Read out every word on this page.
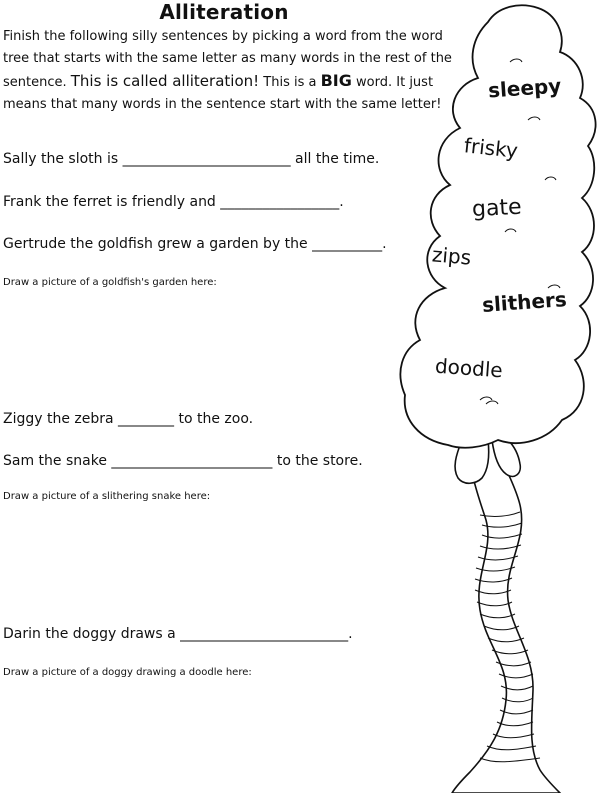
Alliteration
Finish the following silly sentences by picking a word from the word tree that starts with the same letter as many words in the rest of the sentence. This is called alliteration! This is a BIG word. It just means that many words in the sentence start with the same letter!
Sally the sloth is ________________________ all the time.
Frank the ferret is friendly and _________________.
Gertrude the goldfish grew a garden by the __________.
Draw a picture of a goldfish's garden here:
Ziggy the zebra ________ to the zoo.
Sam the snake _______________________ to the store.
Draw a picture of a slithering snake here:
Darin the doggy draws a ________________________.
Draw a picture of a doggy drawing a doodle here:
sleepy
frisky
gate
zips
slithers
doodle
